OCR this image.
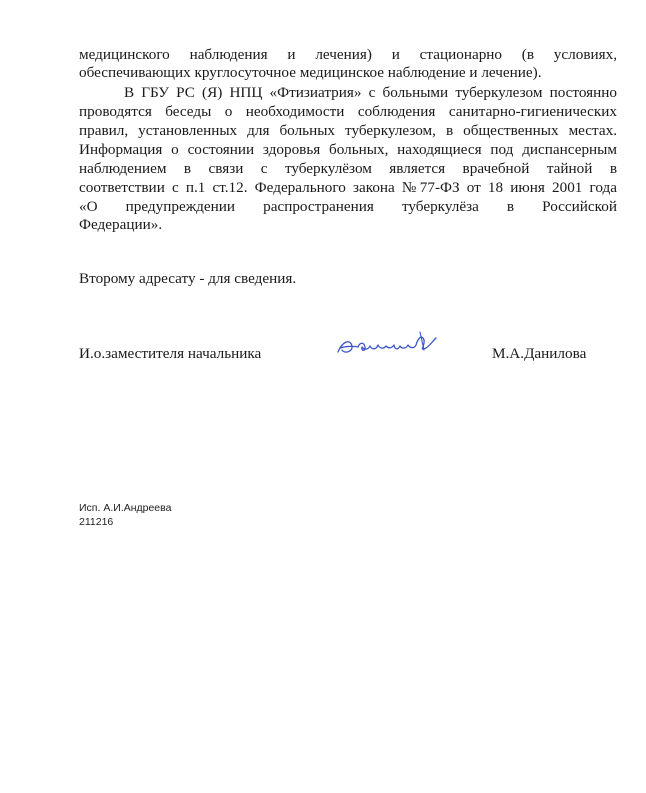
медицинского наблюдения и лечения) и стационарно (в условиях,
обеспечивающих круглосуточное медицинское наблюдение и лечение).
В ГБУ РС (Я) НПЦ «Фтизиатрия» с больными туберкулезом постоянно
проводятся беседы о необходимости соблюдения санитарно-гигиенических
правил, установленных для больных туберкулезом, в общественных местах.
Информация о состоянии здоровья больных, находящиеся под диспансерным
наблюдением в связи с туберкулёзом является врачебной тайной в
соответствии с п.1 ст.12. Федерального закона №77-ФЗ от 18 июня 2001 года
«О предупреждении распространения туберкулёза в Российской
Федерации».
Второму адресату - для сведения.
И.о.заместителя начальника	М.А.Данилова
Исп. А.И.Андреева
211216
